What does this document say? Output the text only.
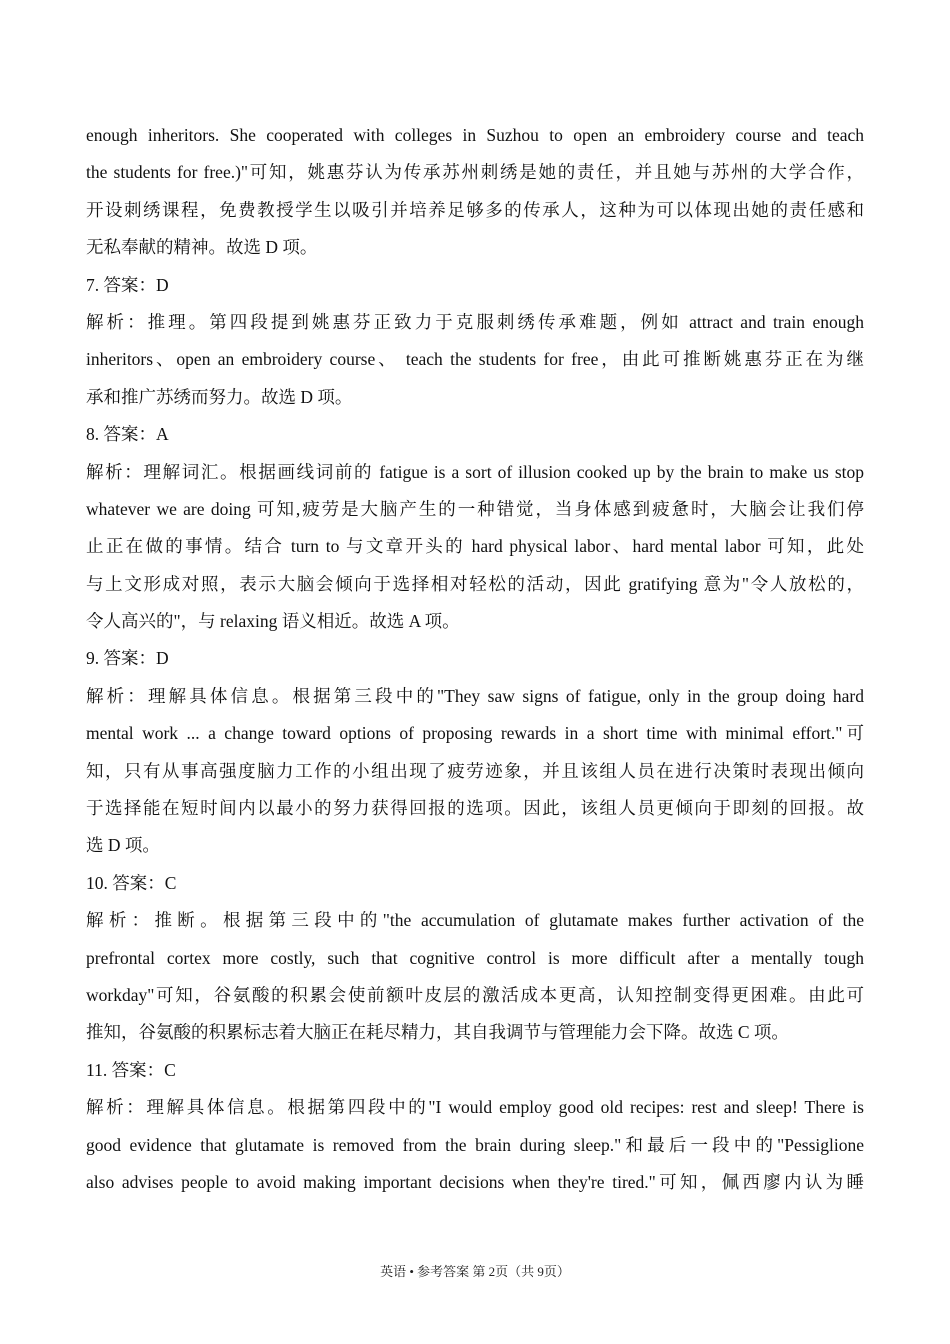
enough inheritors. She cooperated with colleges in Suzhou to open an embroidery course and teach
the students for free.)"可知，姚惠芬认为传承苏州刺绣是她的责任，并且她与苏州的大学合作，
开设刺绣课程，免费教授学生以吸引并培养足够多的传承人，这种为可以体现出她的责任感和
无私奉献的精神。故选 D 项。
7. 答案：D
解析：推理。第四段提到姚惠芬正致力于克服刺绣传承难题，例如 attract and train enough
inheritors、open an embroidery course、 teach the students for free，由此可推断姚惠芬正在为继
承和推广苏绣而努力。故选 D 项。
8. 答案：A
解析：理解词汇。根据画线词前的 fatigue is a sort of illusion cooked up by the brain to make us stop
whatever we are doing 可知,疲劳是大脑产生的一种错觉，当身体感到疲惫时，大脑会让我们停
止正在做的事情。结合 turn to 与文章开头的 hard physical labor、hard mental labor 可知，此处
与上文形成对照，表示大脑会倾向于选择相对轻松的活动，因此 gratifying 意为"令人放松的，
令人高兴的"，与 relaxing 语义相近。故选 A 项。
9. 答案：D
解析：理解具体信息。根据第三段中的"They saw signs of fatigue, only in the group doing hard
mental work ... a change toward options of proposing rewards in a short time with minimal effort."可
知，只有从事高强度脑力工作的小组出现了疲劳迹象，并且该组人员在进行决策时表现出倾向
于选择能在短时间内以最小的努力获得回报的选项。因此，该组人员更倾向于即刻的回报。故
选 D 项。
10. 答案：C
解析：推断。根据第三段中的"the accumulation of glutamate makes further activation of the
prefrontal cortex more costly, such that cognitive control is more difficult after a mentally tough
workday"可知，谷氨酸的积累会使前额叶皮层的激活成本更高，认知控制变得更困难。由此可
推知，谷氨酸的积累标志着大脑正在耗尽精力，其自我调节与管理能力会下降。故选 C 项。
11. 答案：C
解析：理解具体信息。根据第四段中的"I would employ good old recipes: rest and sleep! There is
good evidence that glutamate is removed from the brain during sleep."和最后一段中的"Pessiglione
also advises people to avoid making important decisions when they're tired."可知，佩西廖内认为睡
英语 • 参考答案 第 2页（共 9页）
